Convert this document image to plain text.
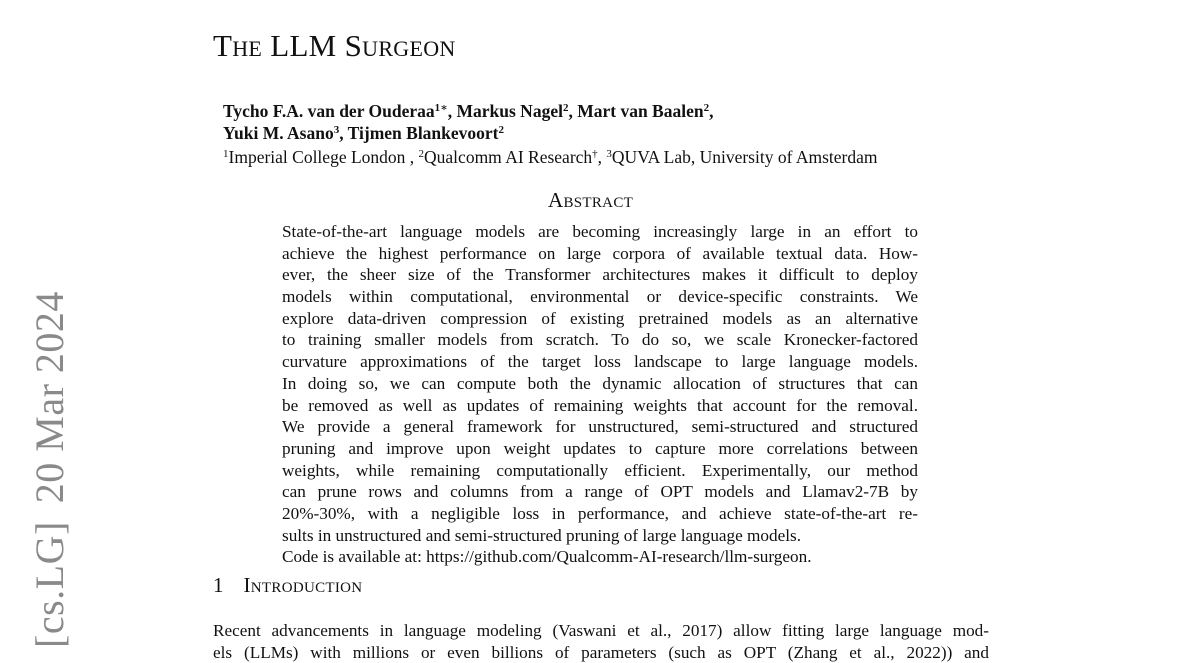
[cs.LG]20 Mar 2024
The LLM Surgeon
Tycho F.A. van der Ouderaa$^{1∗}$, Markus Nagel$^2$, Mart van Baalen$^2$,
Yuki M. Asano$^3$, Tijmen Blankevoort$^2$
$^1$Imperial College London , $^2$Qualcomm AI Research†, $^3$QUVA Lab, University of Amsterdam
Abstract
State-of-the-art language models are becoming increasingly large in an effort to
achieve the highest performance on large corpora of available textual data. How-
ever, the sheer size of the Transformer architectures makes it difficult to deploy
models within computational, environmental or device-specific constraints. We
explore data-driven compression of existing pretrained models as an alternative
to training smaller models from scratch. To do so, we scale Kronecker-factored
curvature approximations of the target loss landscape to large language models.
In doing so, we can compute both the dynamic allocation of structures that can
be removed as well as updates of remaining weights that account for the removal.
We provide a general framework for unstructured, semi-structured and structured
pruning and improve upon weight updates to capture more correlations between
weights, while remaining computationally efficient. Experimentally, our method
can prune rows and columns from a range of OPT models and Llamav2-7B by
20%-30%, with a negligible loss in performance, and achieve state-of-the-art re-
sults in unstructured and semi-structured pruning of large language models.
Code is available at: https://github.com/Qualcomm-AI-research/llm-surgeon.
1 Introduction
Recent advancements in language modeling (Vaswani et al., 2017) allow fitting large language mod-
els (LLMs) with millions or even billions of parameters (such as OPT (Zhang et al., 2022)) and
